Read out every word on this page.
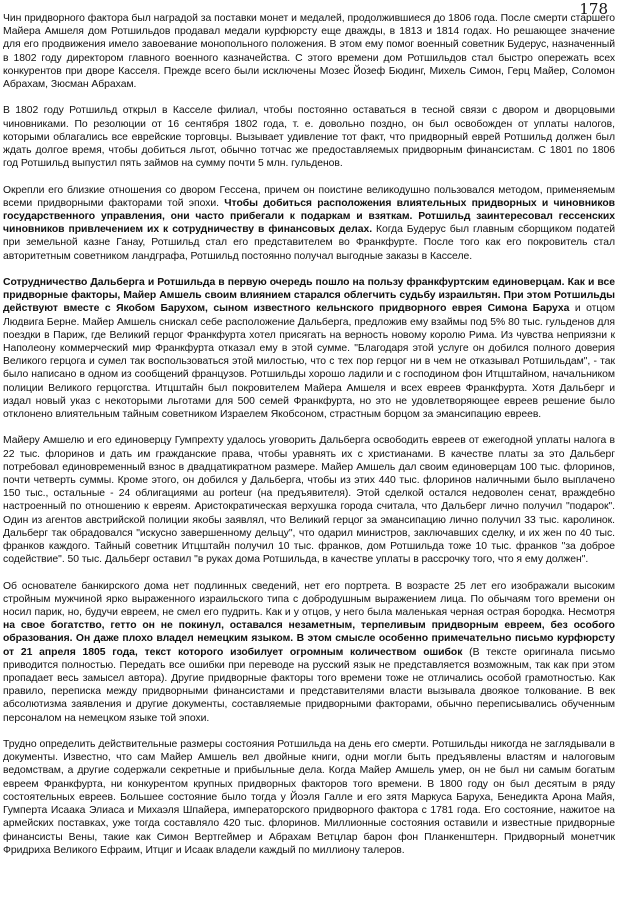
178

Чин придворного фактора был наградой за поставки монет и медалей, продолжившиеся до 1806 года. После смерти старшего Майера Амшеля дом Ротшильдов продавал медали курфюрсту еще дважды, в 1813 и 1814 годах. Но решающее значение для его продвижения имело завоевание монопольного положения. В этом ему помог военный советник Будерус, назначенный в 1802 году директором главного военного казначейства. С этого времени дом Ротшильдов стал быстро опережать всех конкурентов при дворе Касселя. Прежде всего были исключены Мозес Йозеф Бюдинг, Михель Симон, Герц Майер, Соломон Абрахам, Зюсман Абрахам.

В 1802 году Ротшильд открыл в Касселе филиал, чтобы постоянно оставаться в тесной связи с двором и дворцовыми чиновниками. По резолюции от 16 сентября 1802 года, т. е. довольно поздно, он был освобожден от уплаты налогов, которыми облагались все еврейские торговцы. Вызывает удивление тот факт, что придворный еврей Ротшильд должен был ждать долгое время, чтобы добиться льгот, обычно тотчас же предоставляемых придворным финансистам. С 1801 по 1806 год Ротшильд выпустил пять займов на сумму почти 5 млн. гульденов.

Окрепли его близкие отношения со двором Гессена, причем он поистине великодушно пользовался методом, применяемым всеми придворными факторами той эпохи. Чтобы добиться расположения влиятельных придворных и чиновников государственного управления, они часто прибегали к подаркам и взяткам. Ротшильд заинтересовал гессенских чиновников привлечением их к сотрудничеству в финансовых делах. Когда Будерус был главным сборщиком податей при земельной казне Ганау, Ротшильд стал его представителем во Франкфурте. После того как его покровитель стал авторитетным советником ландграфа, Ротшильд постоянно получал выгодные заказы в Касселе.

Сотрудничество Дальберга и Ротшильда в первую очередь пошло на пользу франкфуртским единоверцам. Как и все придворные факторы, Майер Амшель своим влиянием старался облегчить судьбу израильтян. При этом Ротшильды действуют вместе с Якобом Барухом, сыном известного кельнского придворного еврея Симона Баруха и отцом Людвига Берне. Майер Амшель снискал себе расположение Дальберга, предложив ему взаймы под 5% 80 тыс. гульденов для поездки в Париж, где Великий герцог Франкфурта хотел присягать на верность новому королю Рима. Из чувства неприязни к Наполеону коммерческий мир Франкфурта отказал ему в этой сумме. "Благодаря этой услуге он добился полного доверия Великого герцога и сумел так воспользоваться этой милостью, что с тех пор герцог ни в чем не отказывал Ротшильдам", - так было написано в одном из сообщений французов. Ротшильды хорошо ладили и с господином фон Итцштайном, начальником полиции Великого герцогства. Итцштайн был покровителем Майера Амшеля и всех евреев Франкфурта. Хотя Дальберг и издал новый указ с некоторыми льготами для 500 семей Франкфурта, но это не удовлетворяющее евреев решение было отклонено влиятельным тайным советником Израелем Якобсоном, страстным борцом за эмансипацию евреев.

Майеру Амшелю и его единоверцу Гумпрехту удалось уговорить Дальберга освободить евреев от ежегодной уплаты налога в 22 тыс. флоринов и дать им гражданские права, чтобы уравнять их с христианами. В качестве платы за это Дальберг потребовал единовременный взнос в двадцатикратном размере. Майер Амшель дал своим единоверцам 100 тыс. флоринов, почти четверть суммы. Кроме этого, он добился у Дальберга, чтобы из этих 440 тыс. флоринов наличными было выплачено 150 тыс., остальные - 24 облигациями au porteur (на предъявителя). Этой сделкой остался недоволен сенат, враждебно настроенный по отношению к евреям. Аристократическая верхушка города считала, что Дальберг лично получил "подарок". Один из агентов австрийской полиции якобы заявлял, что Великий герцог за эмансипацию лично получил 33 тыс. каролинок. Дальберг так обрадовался "искусно завершенному дельцу", что одарил министров, заключавших сделку, и их жен по 40 тыс. франков каждого. Тайный советник Итцштайн получил 10 тыс. франков, дом Ротшильда тоже 10 тыс. франков "за доброе содействие". 50 тыс. Дальберг оставил "в руках дома Ротшильда, в качестве уплаты в рассрочку того, что я ему должен".

Об основателе банкирского дома нет подлинных сведений, нет его портрета. В возрасте 25 лет его изображали высоким стройным мужчиной ярко выраженного израильского типа с добродушным выражением лица. По обычаям того времени он носил парик, но, будучи евреем, не смел его пудрить. Как и у отцов, у него была маленькая черная острая бородка. Несмотря на свое богатство, гетто он не покинул, оставался незаметным, терпеливым придворным евреем, без особого образования. Он даже плохо владел немецким языком. В этом смысле особенно примечательно письмо курфюрсту от 21 апреля 1805 года, текст которого изобилует огромным количеством ошибок (В тексте оригинала письмо приводится полностью. Передать все ошибки при переводе на русский язык не представляется возможным, так как при этом пропадает весь замысел автора). Другие придворные факторы того времени тоже не отличались особой грамотностью. Как правило, переписка между придворными финансистами и представителями власти вызывала двоякое толкование. В век абсолютизма заявления и другие документы, составляемые придворными факторами, обычно переписывались обученным персоналом на немецком языке той эпохи.

Трудно определить действительные размеры состояния Ротшильда на день его смерти. Ротшильды никогда не заглядывали в документы. Известно, что сам Майер Амшель вел двойные книги, одни могли быть предъявлены властям и налоговым ведомствам, а другие содержали секретные и прибыльные дела. Когда Майер Амшель умер, он не был ни самым богатым евреем Франкфурта, ни конкурентом крупных придворных факторов того времени. В 1800 году он был десятым в ряду состоятельных евреев. Большее состояние было тогда у Йоэля Галле и его зятя Маркуса Баруха, Бенедикта Арона Майя, Гумперта Исаака Элиаса и Михаэля Шпайера, императорского придворного фактора с 1781 года. Его состояние, нажитое на армейских поставках, уже тогда составляло 420 тыс. флоринов. Миллионные состояния оставили и известные придворные финансисты Вены, такие как Симон Вертгеймер и Абрахам Ветцлар барон фон Планкенштерн. Придворный монетчик Фридриха Великого Ефраим, Итциг и Исаак владели каждый по миллиону талеров.
